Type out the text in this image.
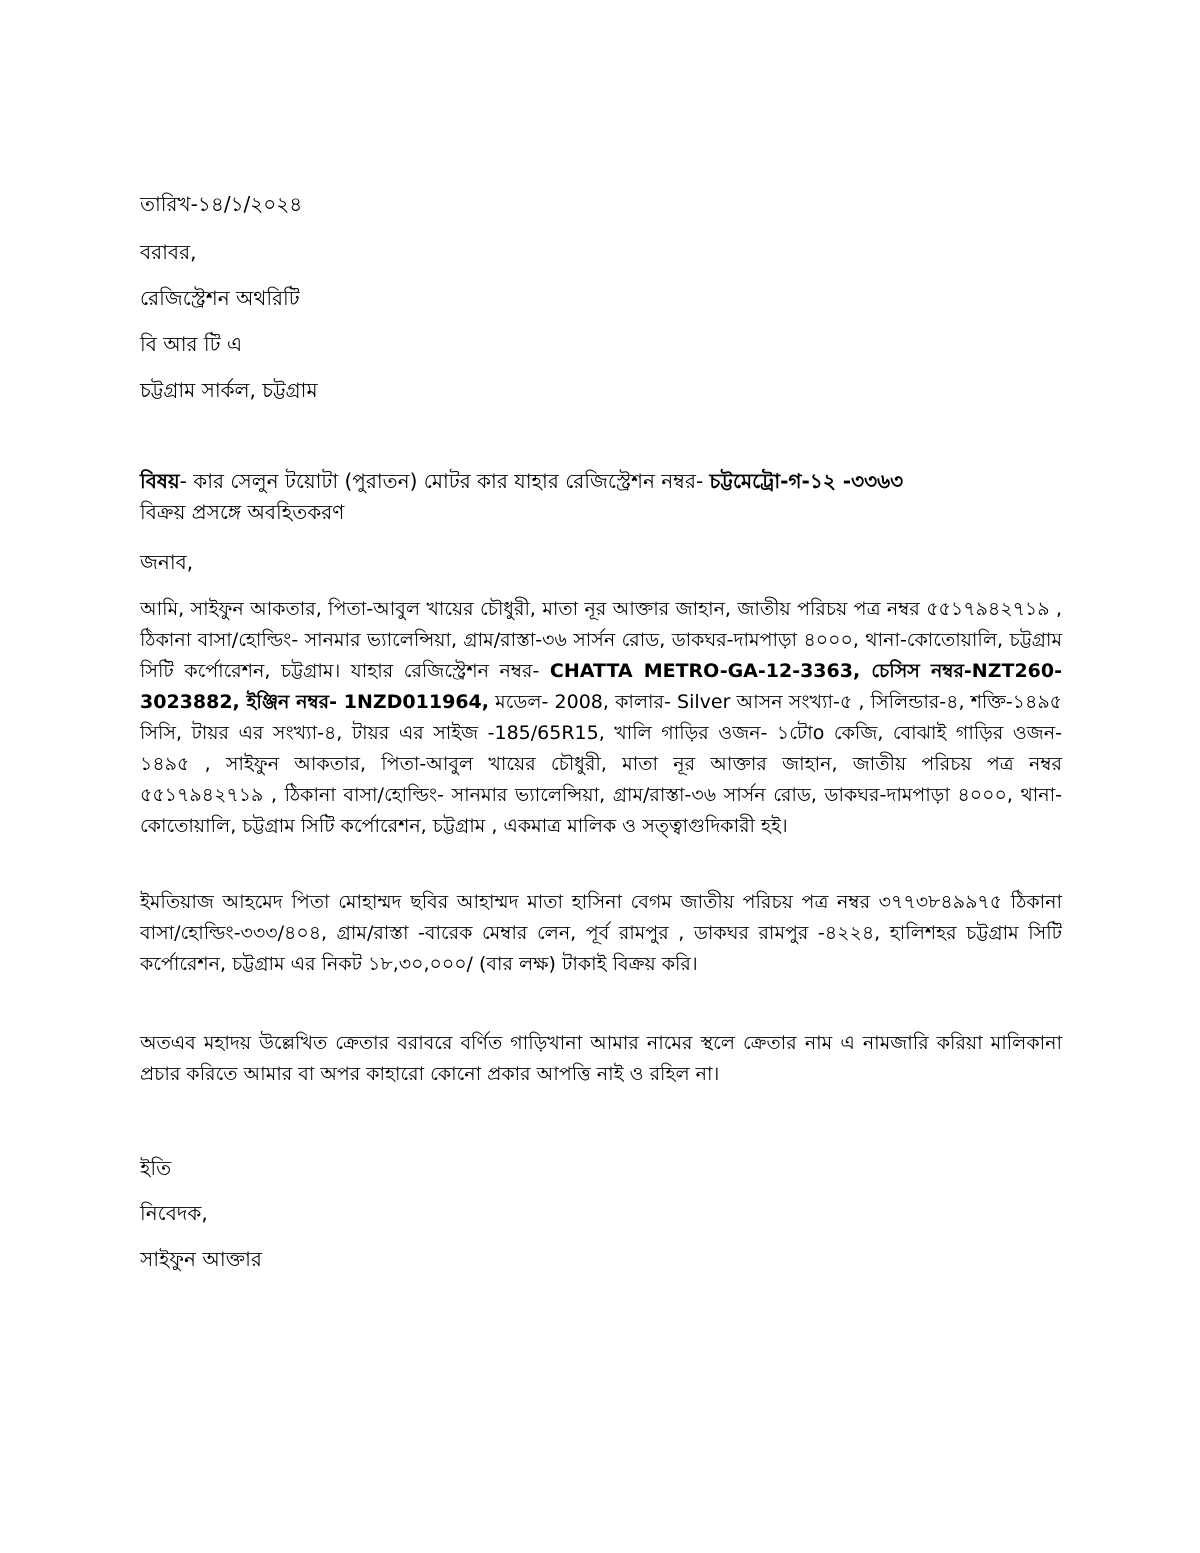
তারিখ-১৪/১/২০২৪
বরাবর,
রেজিস্ট্রেশন অথরিটি
বি আর টি এ
চট্টগ্রাম সার্কল, চট্টগ্রাম
বিষয়- কার সেলুন টয়োটা (পুরাতন) মোটর কার যাহার রেজিস্ট্রেশন নম্বর- চট্টমেট্রো-গ-১২ -৩৩৬৩
বিক্রয় প্রসঙ্গে অবহিতকরণ
জনাব,
আমি, সাইফুন আকতার, পিতা-আবুল খায়ের চৌধুরী, মাতা নূর আক্তার জাহান, জাতীয় পরিচয় পত্র নম্বর ৫৫১৭৯৪২৭১৯ , ঠিকানা বাসা/হোল্ডিং- সানমার ভ্যালেন্সিয়া, গ্রাম/রাস্তা-৩৬ সার্সন রোড, ডাকঘর-দামপাড়া ৪০০০, থানা-কোতোয়ালি, চট্টগ্রাম সিটি কর্পোরেশন, চট্টগ্রাম। যাহার রেজিস্ট্রেশন নম্বর- CHATTA METRO-GA-12-3363, চেসিস নম্বর-NZT260-3023882, ইঞ্জিন নম্বর- 1NZD011964, মডেল- 2008, কালার- Silver আসন সংখ্যা-৫ , সিলিন্ডার-৪, শক্তি-১৪৯৫ সিসি, টায়র এর সংখ্যা-৪, টায়র এর সাইজ -185/65R15, খালি গাড়ির ওজন- ১টোo কেজি, বোঝাই গাড়ির ওজন- ১৪৯৫ , সাইফুন আকতার, পিতা-আবুল খায়ের চৌধুরী, মাতা নূর আক্তার জাহান, জাতীয় পরিচয় পত্র নম্বর ৫৫১৭৯৪২৭১৯ , ঠিকানা বাসা/হোল্ডিং- সানমার ভ্যালেন্সিয়া, গ্রাম/রাস্তা-৩৬ সার্সন রোড, ডাকঘর-দামপাড়া ৪০০০, থানা-কোতোয়ালি, চট্টগ্রাম সিটি কর্পোরেশন, চট্টগ্রাম , একমাত্র মালিক ও সত্ত্বাগুদিকারী হই।
ইমতিয়াজ আহমেদ পিতা মোহাম্মদ ছবির আহাম্মদ মাতা হাসিনা বেগম জাতীয় পরিচয় পত্র নম্বর ৩৭৭৩৮৪৯৯৭৫ ঠিকানা বাসা/হোল্ডিং-৩৩৩/৪০৪, গ্রাম/রাস্তা -বারেক মেম্বার লেন, পূর্ব রামপুর , ডাকঘর রামপুর -৪২২৪, হালিশহর চট্টগ্রাম সিটি কর্পোরেশন, চট্টগ্রাম এর নিকট ১৮,৩০,০০০/ (বার লক্ষ) টাকাই বিক্রয় করি।
অতএব মহাদয় উল্লেখিত ক্রেতার বরাবরে বর্ণিত গাড়িখানা আমার নামের স্থলে ক্রেতার নাম এ নামজারি করিয়া মালিকানা প্রচার করিতে আমার বা অপর কাহারো কোনো প্রকার আপত্তি নাই ও রহিল না।
ইতি
নিবেদক,
সাইফুন আক্তার
